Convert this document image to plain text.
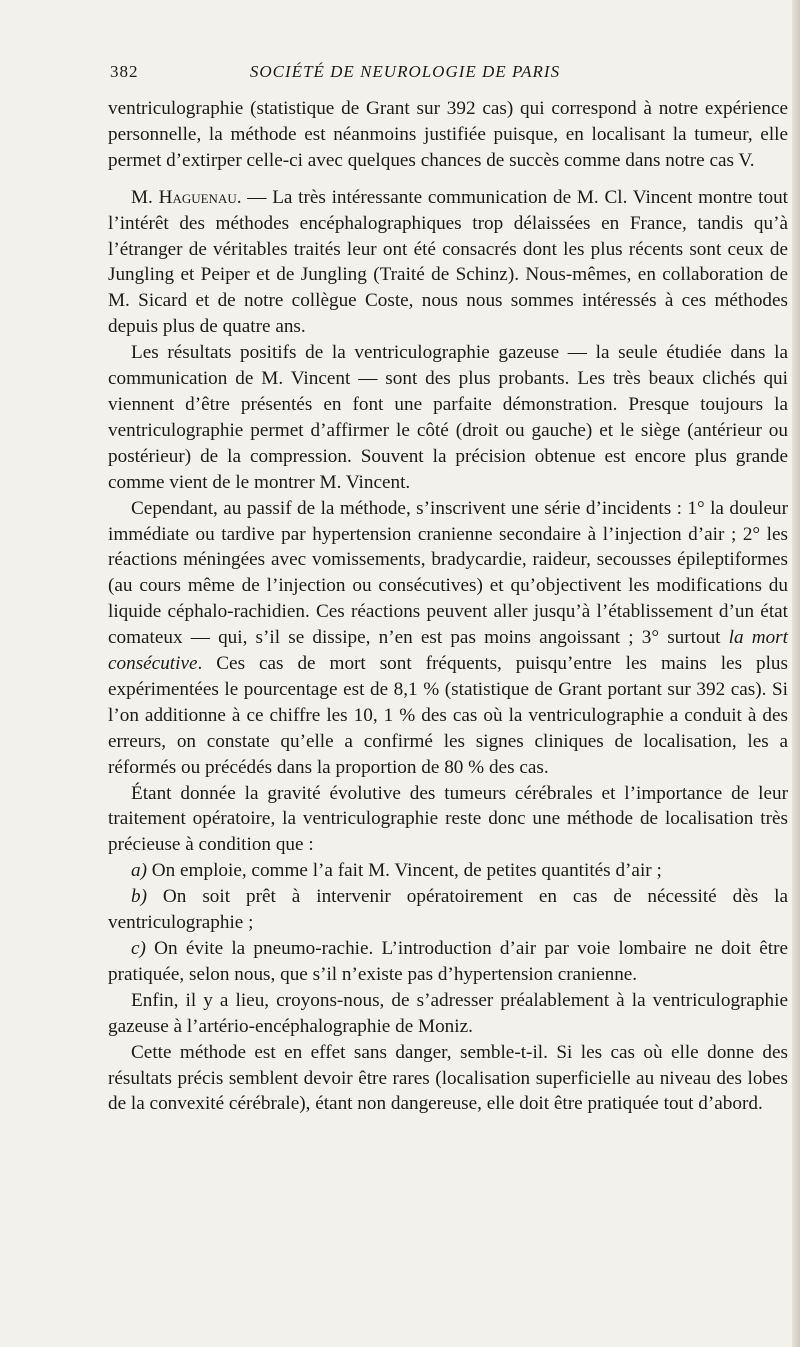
382	SOCIÉTÉ DE NEUROLOGIE DE PARIS

ventriculographie (statistique de Grant sur 392 cas) qui correspond à notre expérience personnelle, la méthode est néanmoins justifiée puisque, en localisant la tumeur, elle permet d’extirper celle-ci avec quelques chances de succès comme dans notre cas V.

M. Haguenau. — La très intéressante communication de M. Cl. Vincent montre tout l’intérêt des méthodes encéphalographiques trop délaissées en France, tandis qu’à l’étranger de véritables traités leur ont été consacrés dont les plus récents sont ceux de Jungling et Peiper et de Jungling (Traité de Schinz). Nous-mêmes, en collaboration de M. Sicard et de notre collègue Coste, nous nous sommes intéressés à ces méthodes depuis plus de quatre ans.

Les résultats positifs de la ventriculographie gazeuse — la seule étudiée dans la communication de M. Vincent — sont des plus probants. Les très beaux clichés qui viennent d’être présentés en font une parfaite démonstration. Presque toujours la ventriculographie permet d’affirmer le côté (droit ou gauche) et le siège (antérieur ou postérieur) de la compression. Souvent la précision obtenue est encore plus grande comme vient de le montrer M. Vincent.

Cependant, au passif de la méthode, s’inscrivent une série d’incidents : 1° la douleur immédiate ou tardive par hypertension cranienne secondaire à l’injection d’air ; 2° les réactions méningées avec vomissements, bradycardie, raideur, secousses épileptiformes (au cours même de l’injection ou consécutives) et qu’objectivent les modifications du liquide céphalo-rachidien. Ces réactions peuvent aller jusqu’à l’établissement d’un état comateux — qui, s’il se dissipe, n’en est pas moins angoissant ; 3° surtout la mort consécutive. Ces cas de mort sont fréquents, puisqu’entre les mains les plus expérimentées le pourcentage est de 8,1 % (statistique de Grant portant sur 392 cas). Si l’on additionne à ce chiffre les 10, 1 % des cas où la ventriculographie a conduit à des erreurs, on constate qu’elle a confirmé les signes cliniques de localisation, les a réformés ou précédés dans la proportion de 80 % des cas.

Étant donnée la gravité évolutive des tumeurs cérébrales et l’importance de leur traitement opératoire, la ventriculographie reste donc une méthode de localisation très précieuse à condition que :

a) On emploie, comme l’a fait M. Vincent, de petites quantités d’air ;

b) On soit prêt à intervenir opératoirement en cas de nécessité dès la ventriculographie ;

c) On évite la pneumo-rachie. L’introduction d’air par voie lombaire ne doit être pratiquée, selon nous, que s’il n’existe pas d’hypertension cranienne.

Enfin, il y a lieu, croyons-nous, de s’adresser préalablement à la ventriculographie gazeuse à l’artério-encéphalographie de Moniz.

Cette méthode est en effet sans danger, semble-t-il. Si les cas où elle donne des résultats précis semblent devoir être rares (localisation superficielle au niveau des lobes de la convexité cérébrale), étant non dangereuse, elle doit être pratiquée tout d’abord.
